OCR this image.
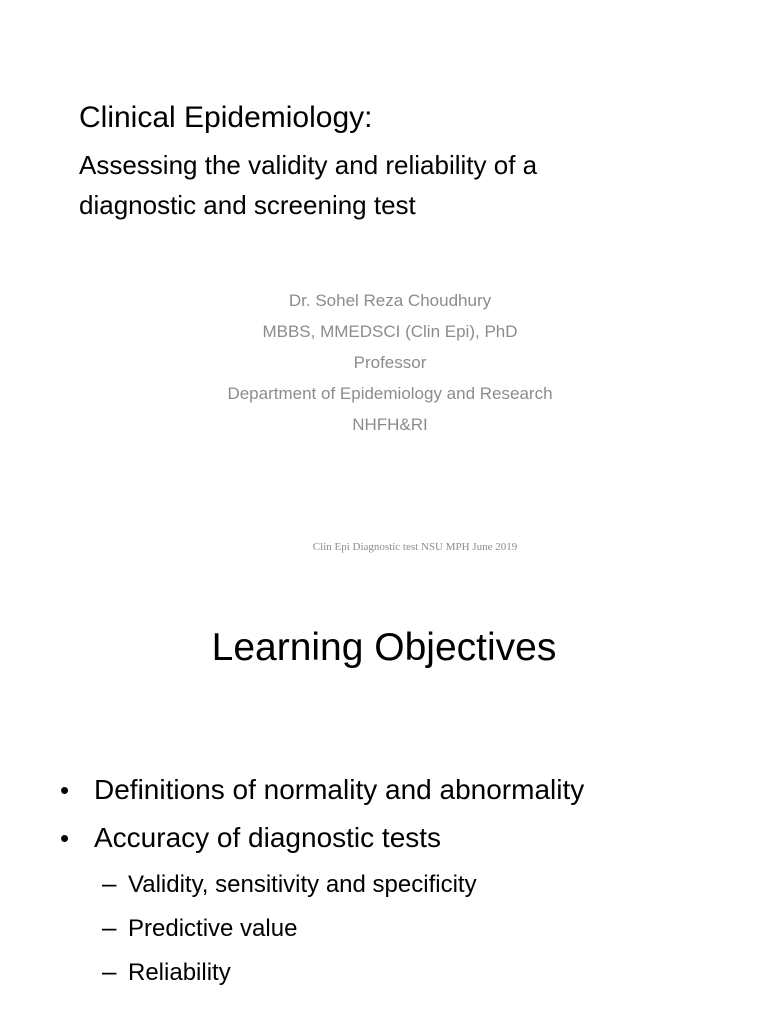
Clinical Epidemiology:
Assessing the validity and reliability of a
diagnostic and screening test
Dr. Sohel Reza Choudhury
MBBS, MMEDSCI (Clin Epi), PhD
Professor
Department of Epidemiology and Research
NHFH&RI
Clin Epi Diagnostic test NSU MPH June 2019
Learning Objectives
• Definitions of normality and abnormality
• Accuracy of diagnostic tests
– Validity, sensitivity and specificity
– Predictive value
– Reliability
